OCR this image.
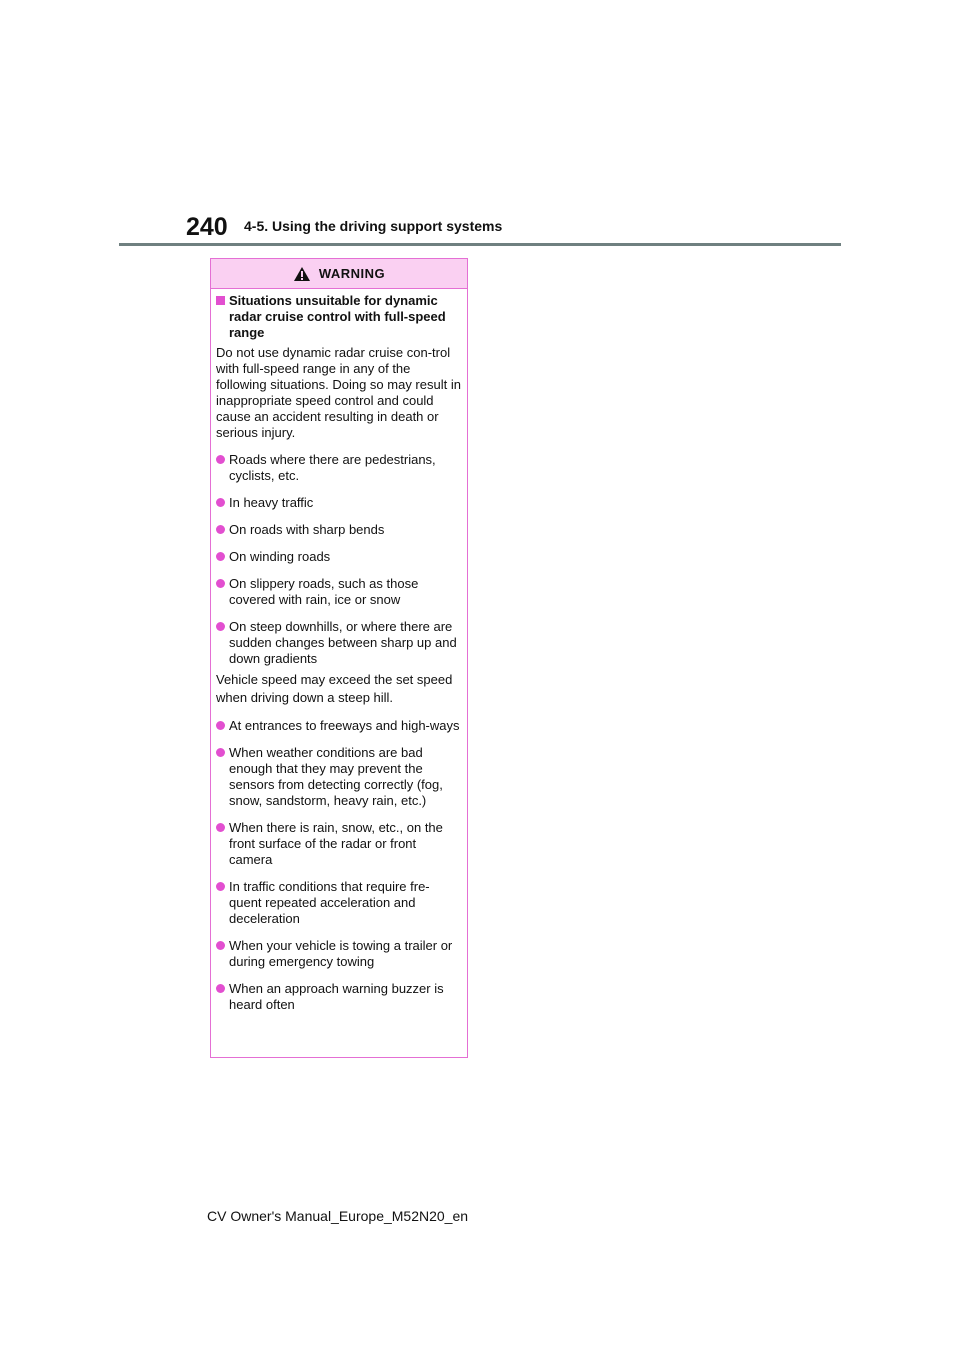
240 4-5. Using the driving support systems
WARNING
Situations unsuitable for dynamic radar cruise control with full-speed range
Do not use dynamic radar cruise con-trol with full-speed range in any of the following situations. Doing so may result in inappropriate speed control and could cause an accident resulting in death or serious injury.
Roads where there are pedestrians, cyclists, etc.
In heavy traffic
On roads with sharp bends
On winding roads
On slippery roads, such as those covered with rain, ice or snow
On steep downhills, or where there are sudden changes between sharp up and down gradients
Vehicle speed may exceed the set speed when driving down a steep hill.
At entrances to freeways and high-ways
When weather conditions are bad enough that they may prevent the sensors from detecting correctly (fog, snow, sandstorm, heavy rain, etc.)
When there is rain, snow, etc., on the front surface of the radar or front camera
In traffic conditions that require fre-quent repeated acceleration and deceleration
When your vehicle is towing a trailer or during emergency towing
When an approach warning buzzer is heard often
CV Owner's Manual_Europe_M52N20_en
